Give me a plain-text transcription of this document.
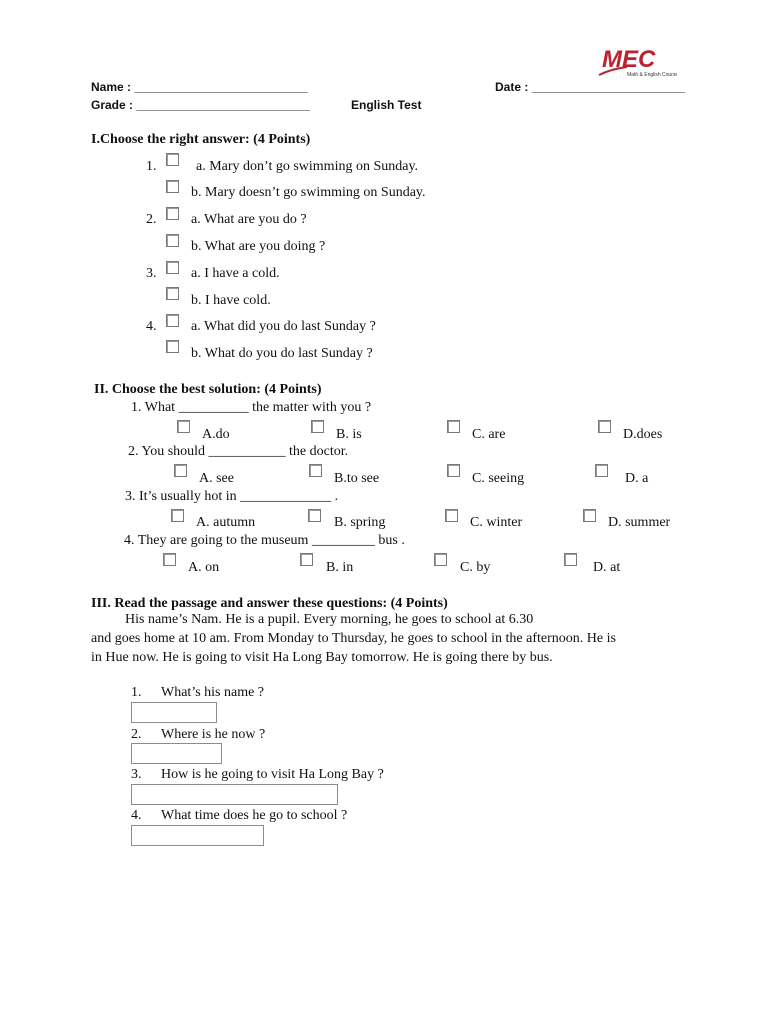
MEC
Math & English Course
Name : __________________________	Date : _______________________
Grade : __________________________	English Test
I.Choose the right answer: (4 Points)
1.	a. Mary don’t go swimming on Sunday.
b. Mary doesn’t go swimming on Sunday.
2. a. What are you do ?
b. What are you doing ?
3. a. I have a cold.
b. I have cold.
4. a. What did you do last Sunday ?
b. What do you do last Sunday ?
II. Choose the best solution: (4 Points)
1. What __________ the matter with you ?
A.do	B. is	C. are	D.does
2. You should ___________ the doctor.
A. see	B.to see	C. seeing	D. a
3. It’s usually hot in _____________ .
A. autumn	B. spring	C. winter	D. summer
4. They are going to the museum _________ bus .
A. on	B. in	C. by	D. at
III. Read the passage and answer these questions: (4 Points)
His name’s Nam. He is a pupil. Every morning, he goes to school at 6.30
and goes home at 10 am. From Monday to Thursday, he goes to school in the afternoon. He is
in Hue now. He is going to visit Ha Long Bay tomorrow. He is going there by bus.
1. What’s his name ?
2. Where is he now ?
3. How is he going to visit Ha Long Bay ?
4. What time does he go to school ?
